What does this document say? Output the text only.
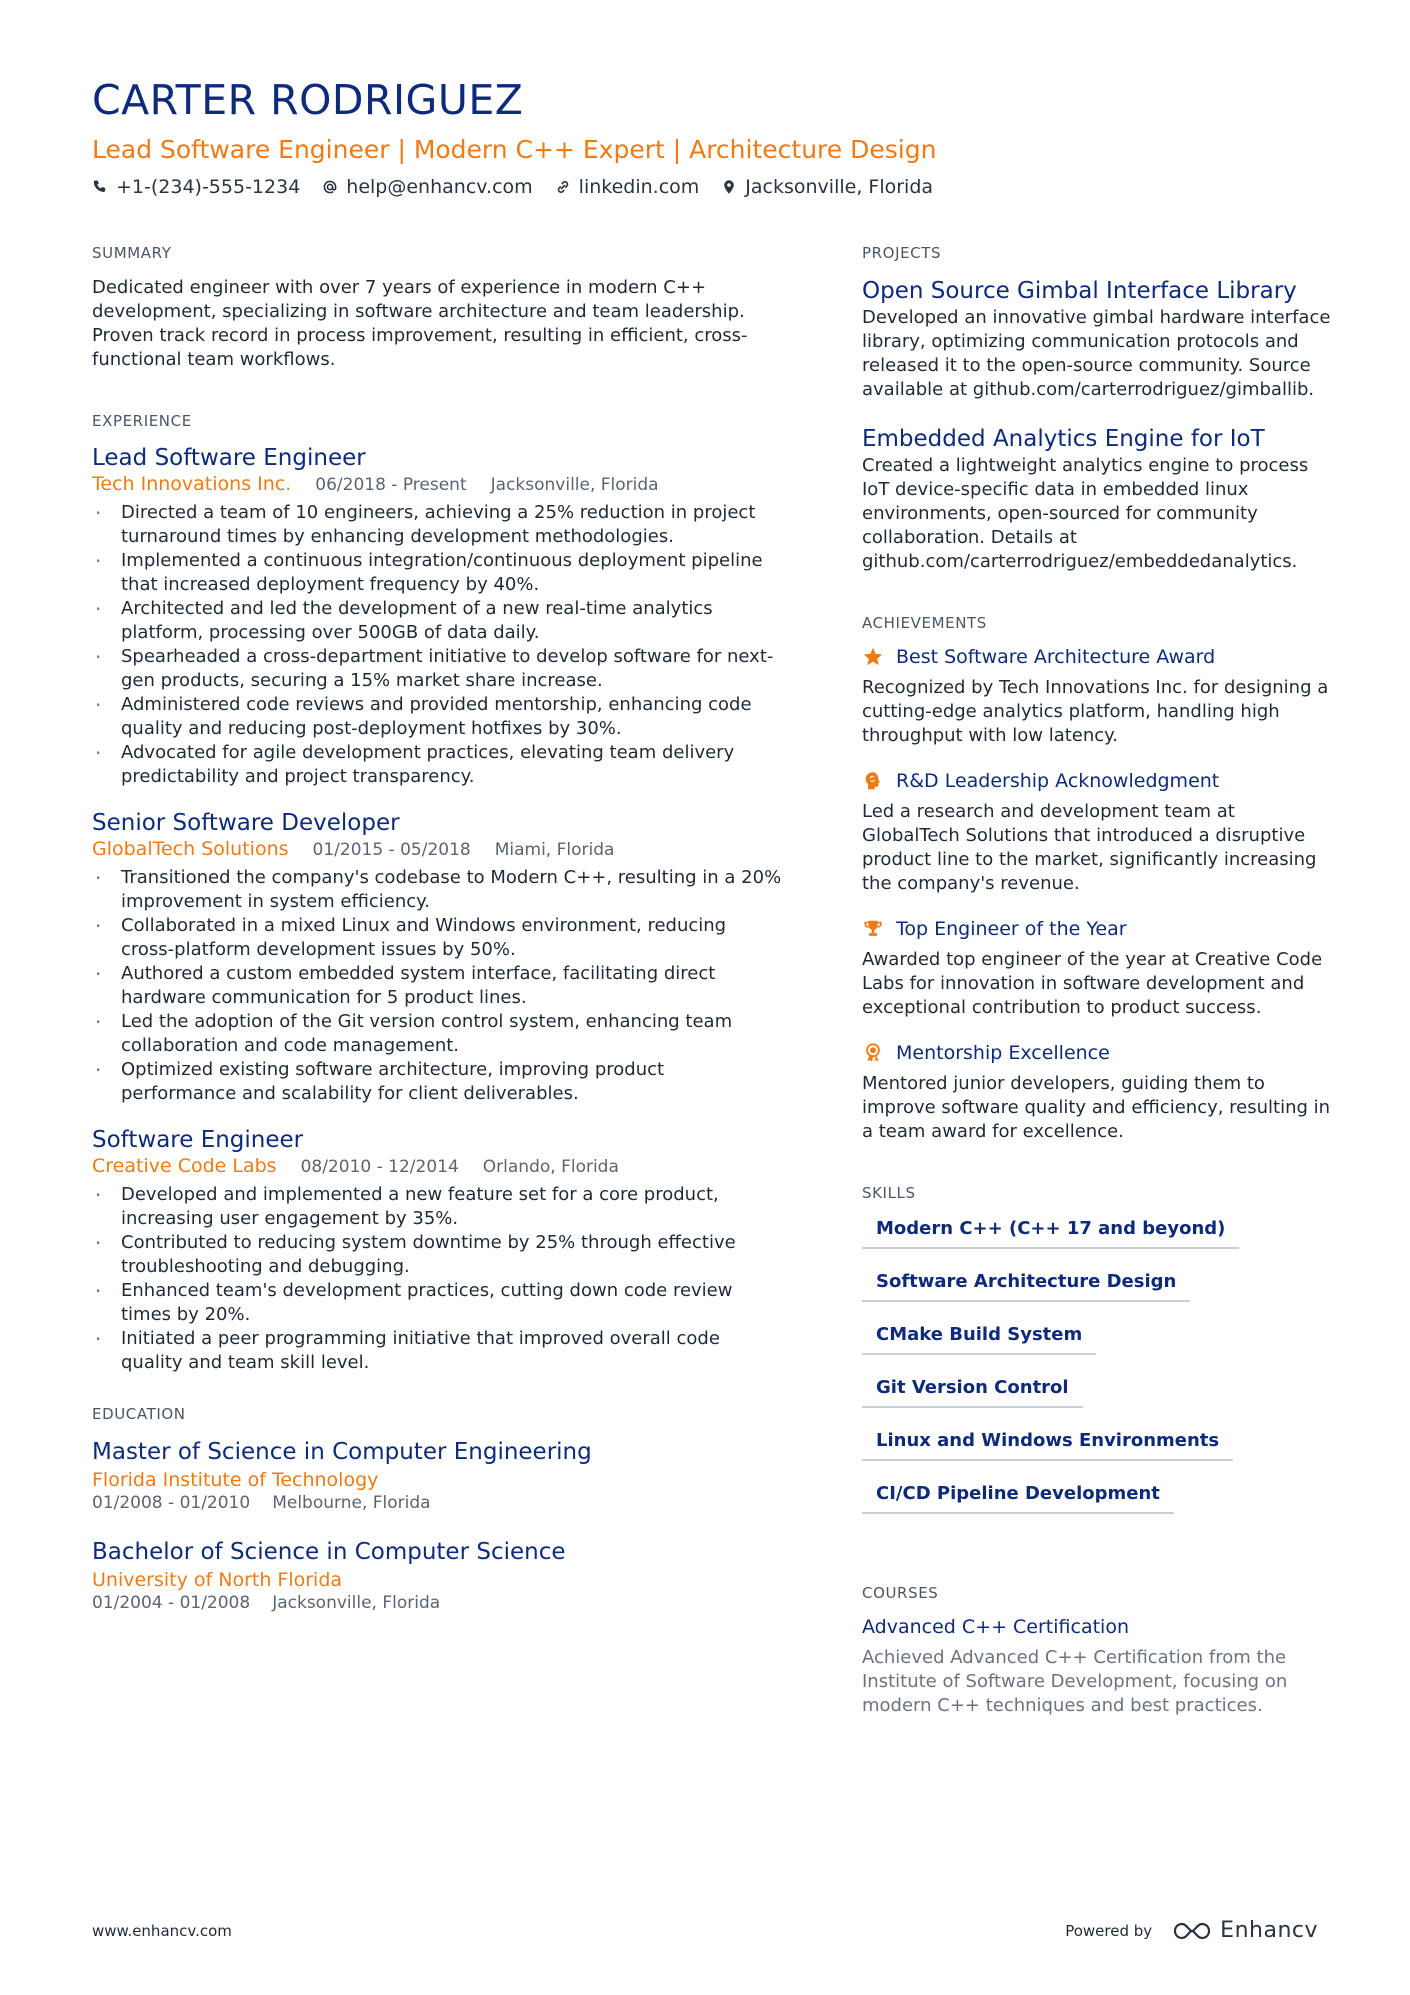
CARTER RODRIGUEZ
Lead Software Engineer | Modern C++ Expert | Architecture Design
+1-(234)-555-1234 help@enhancv.com linkedin.com Jacksonville, Florida
SUMMARY
Dedicated engineer with over 7 years of experience in modern C++ development, specializing in software architecture and team leadership. Proven track record in process improvement, resulting in efficient, cross-functional team workflows.
EXPERIENCE
Lead Software Engineer
Tech Innovations Inc. 06/2018 - Present Jacksonville, Florida
· Directed a team of 10 engineers, achieving a 25% reduction in project turnaround times by enhancing development methodologies.
· Implemented a continuous integration/continuous deployment pipeline that increased deployment frequency by 40%.
· Architected and led the development of a new real-time analytics platform, processing over 500GB of data daily.
· Spearheaded a cross-department initiative to develop software for next-gen products, securing a 15% market share increase.
· Administered code reviews and provided mentorship, enhancing code quality and reducing post-deployment hotfixes by 30%.
· Advocated for agile development practices, elevating team delivery predictability and project transparency.
Senior Software Developer
GlobalTech Solutions 01/2015 - 05/2018 Miami, Florida
· Transitioned the company's codebase to Modern C++, resulting in a 20% improvement in system efficiency.
· Collaborated in a mixed Linux and Windows environment, reducing cross-platform development issues by 50%.
· Authored a custom embedded system interface, facilitating direct hardware communication for 5 product lines.
· Led the adoption of the Git version control system, enhancing team collaboration and code management.
· Optimized existing software architecture, improving product performance and scalability for client deliverables.
Software Engineer
Creative Code Labs 08/2010 - 12/2014 Orlando, Florida
· Developed and implemented a new feature set for a core product, increasing user engagement by 35%.
· Contributed to reducing system downtime by 25% through effective troubleshooting and debugging.
· Enhanced team's development practices, cutting down code review times by 20%.
· Initiated a peer programming initiative that improved overall code quality and team skill level.
EDUCATION
Master of Science in Computer Engineering
Florida Institute of Technology
01/2008 - 01/2010 Melbourne, Florida
Bachelor of Science in Computer Science
University of North Florida
01/2004 - 01/2008 Jacksonville, Florida
PROJECTS
Open Source Gimbal Interface Library
Developed an innovative gimbal hardware interface library, optimizing communication protocols and released it to the open-source community. Source available at github.com/carterrodriguez/gimballib.
Embedded Analytics Engine for IoT
Created a lightweight analytics engine to process IoT device-specific data in embedded linux environments, open-sourced for community collaboration. Details at github.com/carterrodriguez/embeddedanalytics.
ACHIEVEMENTS
Best Software Architecture Award
Recognized by Tech Innovations Inc. for designing a cutting-edge analytics platform, handling high throughput with low latency.
R&D Leadership Acknowledgment
Led a research and development team at GlobalTech Solutions that introduced a disruptive product line to the market, significantly increasing the company's revenue.
Top Engineer of the Year
Awarded top engineer of the year at Creative Code Labs for innovation in software development and exceptional contribution to product success.
Mentorship Excellence
Mentored junior developers, guiding them to improve software quality and efficiency, resulting in a team award for excellence.
SKILLS
Modern C++ (C++ 17 and beyond)
Software Architecture Design
CMake Build System
Git Version Control
Linux and Windows Environments
CI/CD Pipeline Development
COURSES
Advanced C++ Certification
Achieved Advanced C++ Certification from the Institute of Software Development, focusing on modern C++ techniques and best practices.
www.enhancv.com	Powered by	Enhancv
